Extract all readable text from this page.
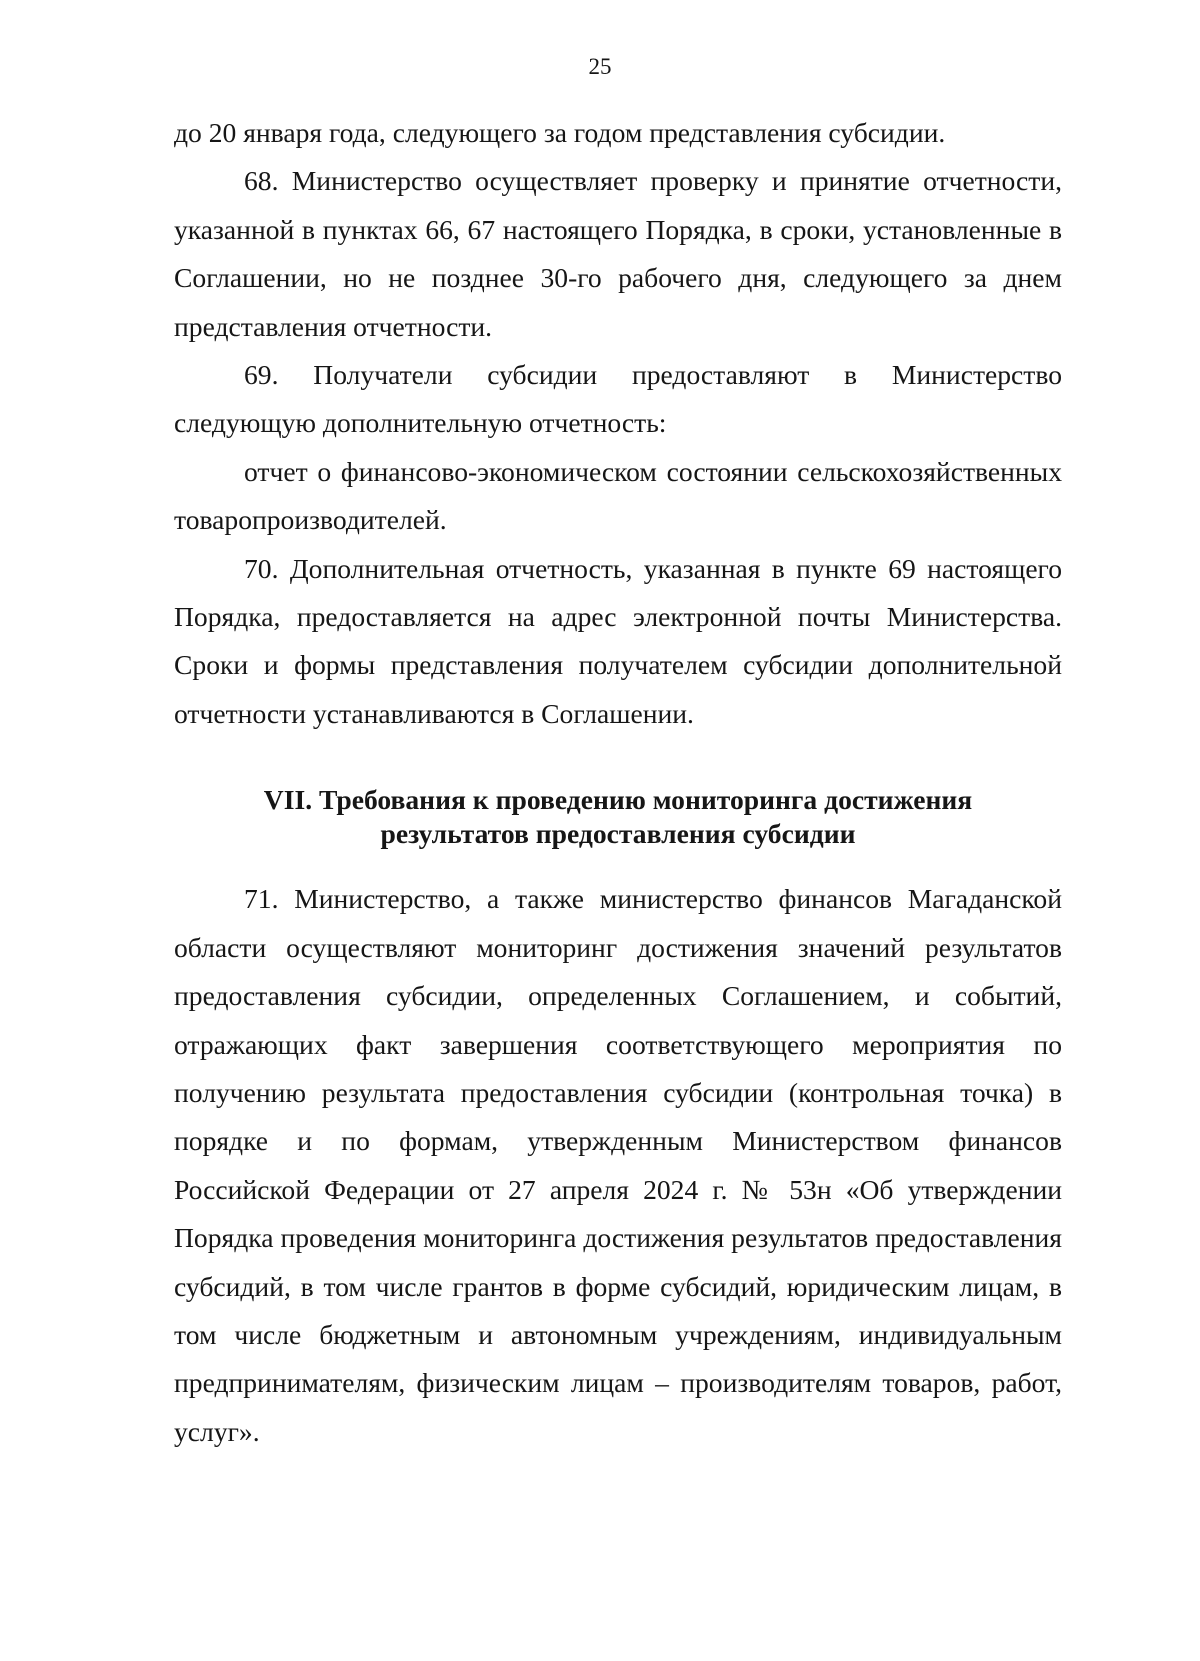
25

до 20 января года, следующего за годом представления субсидии.

68. Министерство осуществляет проверку и принятие отчетности, указанной в пунктах 66, 67 настоящего Порядка, в сроки, установленные в Соглашении, но не позднее 30-го рабочего дня, следующего за днем представления отчетности.

69. Получатели субсидии предоставляют в Министерство следующую дополнительную отчетность:

отчет о финансово-экономическом состоянии сельскохозяйственных товаропроизводителей.

70. Дополнительная отчетность, указанная в пункте 69 настоящего Порядка, предоставляется на адрес электронной почты Министерства. Сроки и формы представления получателем субсидии дополнительной отчетности устанавливаются в Соглашении.

VII. Требования к проведению мониторинга достижения
результатов предоставления субсидии

71. Министерство, а также министерство финансов Магаданской области осуществляют мониторинг достижения значений результатов предоставления субсидии, определенных Соглашением, и событий, отражающих факт завершения соответствующего мероприятия по получению результата предоставления субсидии (контрольная точка) в порядке и по формам, утвержденным Министерством финансов Российской Федерации от 27 апреля 2024 г. № 53н «Об утверждении Порядка проведения мониторинга достижения результатов предоставления субсидий, в том числе грантов в форме субсидий, юридическим лицам, в том числе бюджетным и автономным учреждениям, индивидуальным предпринимателям, физическим лицам – производителям товаров, работ, услуг».
